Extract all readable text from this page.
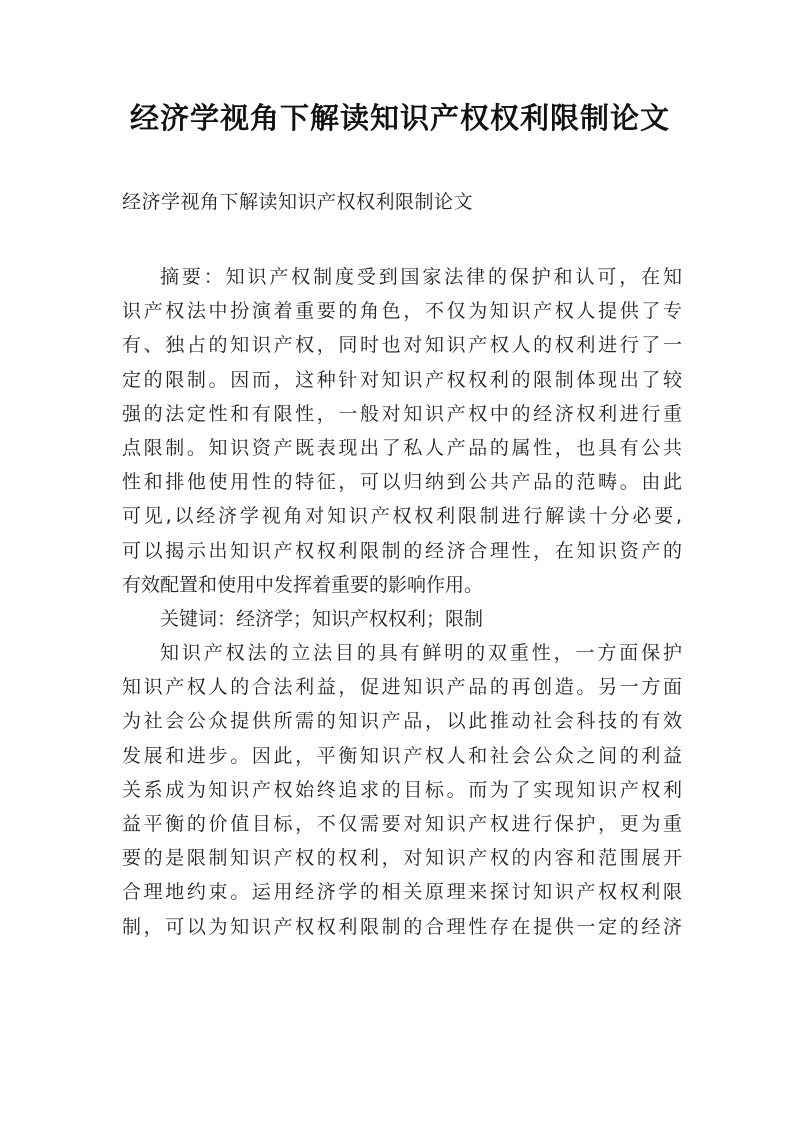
经济学视角下解读知识产权权利限制论文

经济学视角下解读知识产权权利限制论文

摘要：知识产权制度受到国家法律的保护和认可，在知
识产权法中扮演着重要的角色，不仅为知识产权人提供了专
有、独占的知识产权，同时也对知识产权人的权利进行了一
定的限制。因而，这种针对知识产权权利的限制体现出了较
强的法定性和有限性，一般对知识产权中的经济权利进行重
点限制。知识资产既表现出了私人产品的属性，也具有公共
性和排他使用性的特征，可以归纳到公共产品的范畴。由此
可见,以经济学视角对知识产权权利限制进行解读十分必要,
可以揭示出知识产权权利限制的经济合理性，在知识资产的
有效配置和使用中发挥着重要的影响作用。
关键词：经济学；知识产权权利；限制
知识产权法的立法目的具有鲜明的双重性，一方面保护
知识产权人的合法利益，促进知识产品的再创造。另一方面
为社会公众提供所需的知识产品，以此推动社会科技的有效
发展和进步。因此，平衡知识产权人和社会公众之间的利益
关系成为知识产权始终追求的目标。而为了实现知识产权利
益平衡的价值目标，不仅需要对知识产权进行保护，更为重
要的是限制知识产权的权利，对知识产权的内容和范围展开
合理地约束。运用经济学的相关原理来探讨知识产权权利限
制，可以为知识产权权利限制的合理性存在提供一定的经济
